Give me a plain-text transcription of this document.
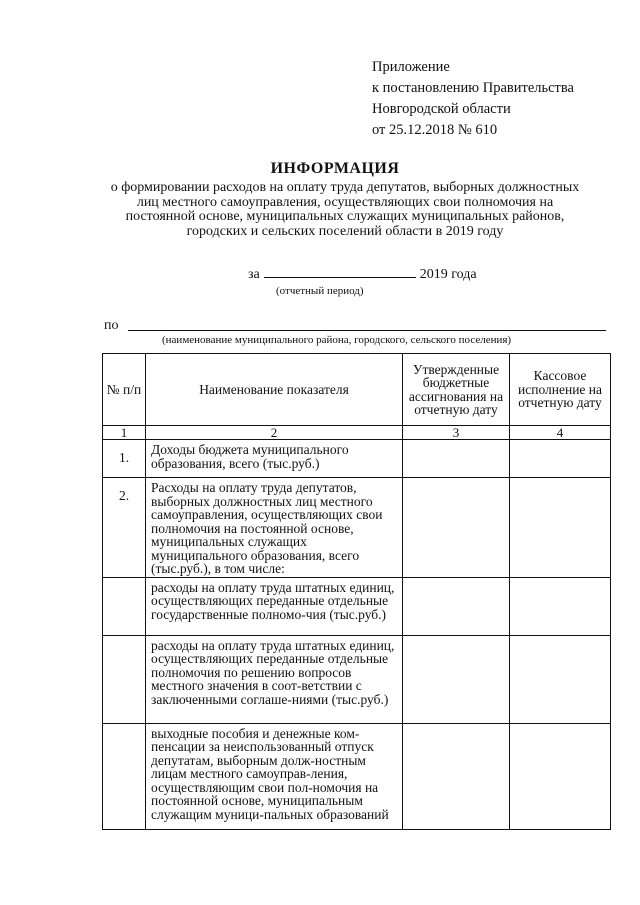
Приложение
к постановлению Правительства
Новгородской области
от 25.12.2018 № 610
ИНФОРМАЦИЯ
о формировании расходов на оплату труда депутатов, выборных должностных лиц местного самоуправления, осуществляющих свои полномочия на постоянной основе, муниципальных служащих муниципальных районов, городских и сельских поселений области в 2019 году
за	2019 года
(отчетный период)
по
(наименование муниципального района, городского, сельского поселения)
№ п/п	Наименование показателя	Утвержденные бюджетные ассигнования на отчетную дату	Кассовое исполнение на отчетную дату
1	2	3	4
1.	Доходы бюджета муниципального образования, всего (тыс.руб.)		
2.	Расходы на оплату труда депутатов, выборных должностных лиц местного самоуправления, осуществляющих свои полномочия на постоянной основе, муниципальных служащих муниципального образования, всего (тыс.руб.), в том числе:		
	расходы на оплату труда штатных единиц, осуществляющих переданные отдельные государственные полномо-чия (тыс.руб.)		
	расходы на оплату труда штатных единиц, осуществляющих переданные отдельные полномочия по решению вопросов местного значения в соот-ветствии с заключенными соглаше-ниями (тыс.руб.)		
	выходные пособия и денежные ком-пенсации за неиспользованный отпуск депутатам, выборным долж-ностным лицам местного самоуправ-ления, осуществляющим свои пол-номочия на постоянной основе, муниципальным служащим муници-пальных образований		
